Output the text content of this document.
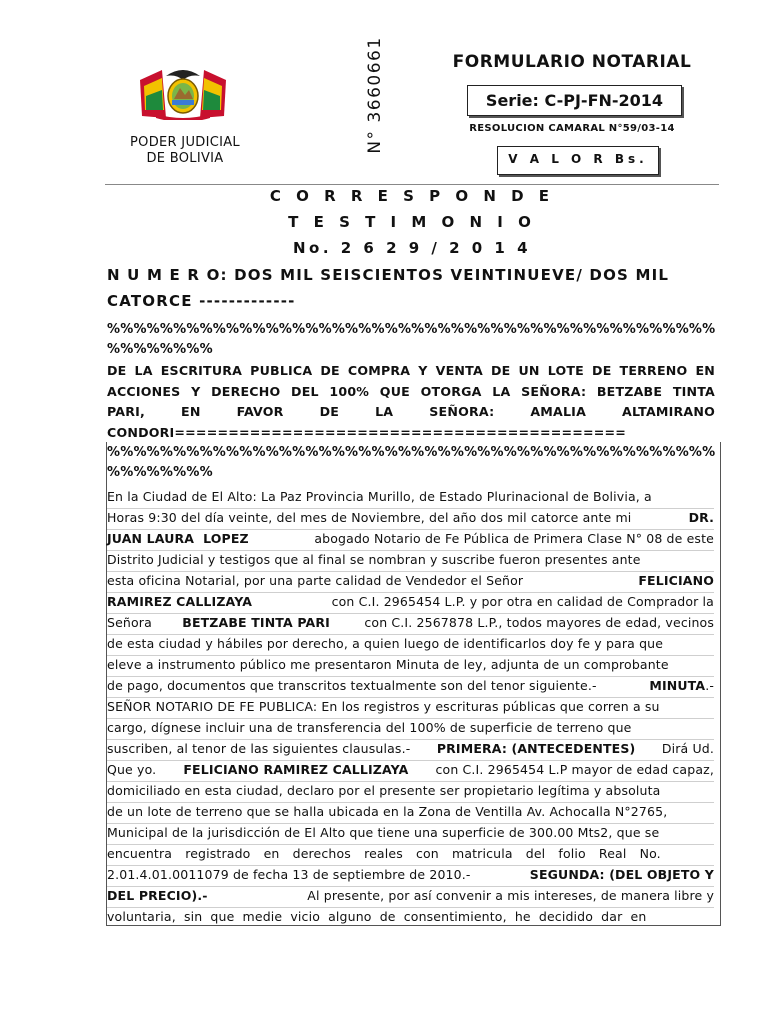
PODER JUDICIAL
DE BOLIVIA
N° 3660661	FORMULARIO NOTARIAL
Serie: C-PJ-FN-2014
RESOLUCION CAMARAL N°59/03-14
V A L O R Bs.
C O R R E S P O N D E
T E S T I M O N I O
No. 2 6 2 9 / 2 0 1 4
N U M E R O: DOS MIL SEISCIENTOS VEINTINUEVE/ DOS MIL
CATORCE -------------
%%%%%%%%%%%%%%%%%%%%%%%%%%%%%%%%%%%%%%%%%%%%%%
%%%%%%%%
DE LA ESCRITURA PUBLICA DE COMPRA Y VENTA DE UN LOTE DE TERRENO EN
ACCIONES Y DERECHO DEL 100% QUE OTORGA LA SEÑORA: BETZABE TINTA
PARI,    EN    FAVOR    DE    LA    SEÑORA:    AMALIA    ALTAMIRANO
CONDORI==========================================
%%%%%%%%%%%%%%%%%%%%%%%%%%%%%%%%%%%%%%%%%%%%%%
%%%%%%%%
En la Ciudad de El Alto: La Paz Provincia Murillo, de Estado Plurinacional de Bolivia, a
Horas 9:30 del día veinte, del mes de Noviembre, del año dos mil catorce ante mi	DR.
JUAN LAURA  LOPEZ	abogado Notario de Fe Pública de Primera Clase N° 08 de este
Distrito Judicial y testigos que al final se nombran y suscribe fueron presentes ante
esta oficina Notarial, por una parte calidad de Vendedor el Señor	FELICIANO
RAMIREZ CALLIZAYA	con C.I. 2965454 L.P. y por otra en calidad de Comprador la
Señora BETZABE TINTA PARI con C.I. 2567878 L.P., todos mayores de edad, vecinos
de esta ciudad y hábiles por derecho, a quien luego de identificarlos doy fe y para que
eleve a instrumento público me presentaron Minuta de ley, adjunta de un comprobante
de pago, documentos que transcritos textualmente son del tenor siguiente.-	MINUTA .-
SEÑOR NOTARIO DE FE PUBLICA: En los registros y escrituras públicas que corren a su
cargo, dígnese incluir una de transferencia del 100% de superficie de terreno que
suscriben, al tenor de las siguientes clausulas.- PRIMERA: (ANTECEDENTES) Dirá Ud.
Que yo. FELICIANO RAMIREZ CALLIZAYA con C.I. 2965454 L.P mayor de edad capaz,
domiciliado en esta ciudad, declaro por el presente ser propietario legítima y absoluta
de un lote de terreno que se halla ubicada en la Zona de Ventilla Av. Achocalla N°2765,
Municipal de la jurisdicción de El Alto que tiene una superficie de 300.00 Mts2, que se
encuentra registrado en derechos reales con matricula del folio Real No.
2.01.4.01.0011079 de fecha 13 de septiembre de 2010.-	SEGUNDA: (DEL OBJETO Y
DEL PRECIO).-	Al presente, por así convenir a mis intereses, de manera libre y
voluntaria, sin que medie vicio alguno de consentimiento, he decidido dar en
